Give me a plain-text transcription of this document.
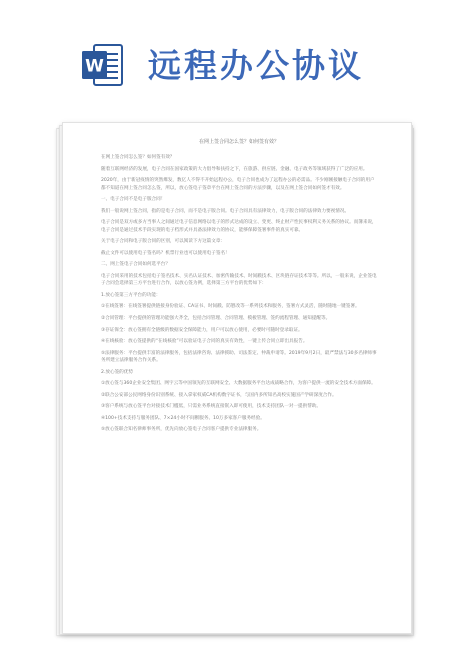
W 远程办公协议
在网上签合同怎么签？如何签有效？

在网上签合同怎么签？如何签有效？

随着互联网经济的发展，电子合同在国家政策的大力倡导和扶持之下，在旅游、供应链、金融、电子政务等领域获得了广泛的应用。

2020年，由于新冠疫情的突然爆发，数亿人不得不开始远程办公，电子合同也成为了远程办公的必需品。不少刚刚接触电子合同的用户都不知道在网上签合同怎么签，所以，放心签电子签章平台在网上签合同的方法步骤，以及在网上签合同如何签才有效。

一、电子合同不是电子版合同！

我们一般说网上签合同，指的是电子合同，而不是电子版合同。电子合同具有法律效力，电子版合同的法律效力要视情况。

电子合同是双方或多方当事人之间通过电子信息网络以电子的形式达成的设立、变更、终止财产性民事权利义务关系的协议。而簿来说，电子合同是通过技术手段实现的电子档形式并具备法律效力的协议，能够保障签署事件的真实可靠。

关于电子合同和电子版合同的区别，可以阅读下方这篇文章：

截止文件可以使用电子签名吗？机票行业也可以使用电子签名！

二、网上签电子合同如何选平台？

电子合同采用的技术包括电子签名技术、实名认证技术、加密传输技术、时间戳技术、区块链存证技术等等。所以，一般来说，企业签电子合同会选择第三方平台进行合作，以放心签为例，选择第三方平台的优势如下：

1.放心签第三方平台的功能：

①在线签署：在线签署提供链接身份验证、CA证书、时间戳、防篡改等一系列技术和服务，签署方式灵活，随时随地一键签署。

②合同管理：平台提供的管理功能强大齐全，包括合同管理、合同管理、模板管理、签约流程管理、通知提醒等。

③存证保全：放心签拥有全链级的数据安全保障能力，用户可以放心使用，必要时可随时登录取证。

④在线核验：放心签提供的“在线核验”可以验证电子合同的真实有效性，一键上传合同立即出具报告。

⑤法律服务：平台提供丰富的法律服务，包括法律咨询、法律援助、司法鉴定、仲裁申请等。2019年9月2日，最严禁法与30多名律师事务所建立法律服务合作关系。

2.放心签的优势

①放心签与360企业安全集团、网宇云等中国领先的互联网安全、大数据服务平台达成战略合作，为客户提供一流的安全技术方面保障。

②联合公安部公民网络身份识别系统、接入拿家权威CA机构数字证书，与国内多所知名高校实施国产学研深度合作。

③客户系统与放心签平台对接技术门槛低，只需业务系统直接嵌入即可使用，技术支持团队一对一提供帮助。

④100+技术支持与服务团队、7×24小时不间断服务、10万多家客户服务经验。

⑤放心签联合知名律师事务所，优先向放心签电子合同客户提供专业法律服务。
